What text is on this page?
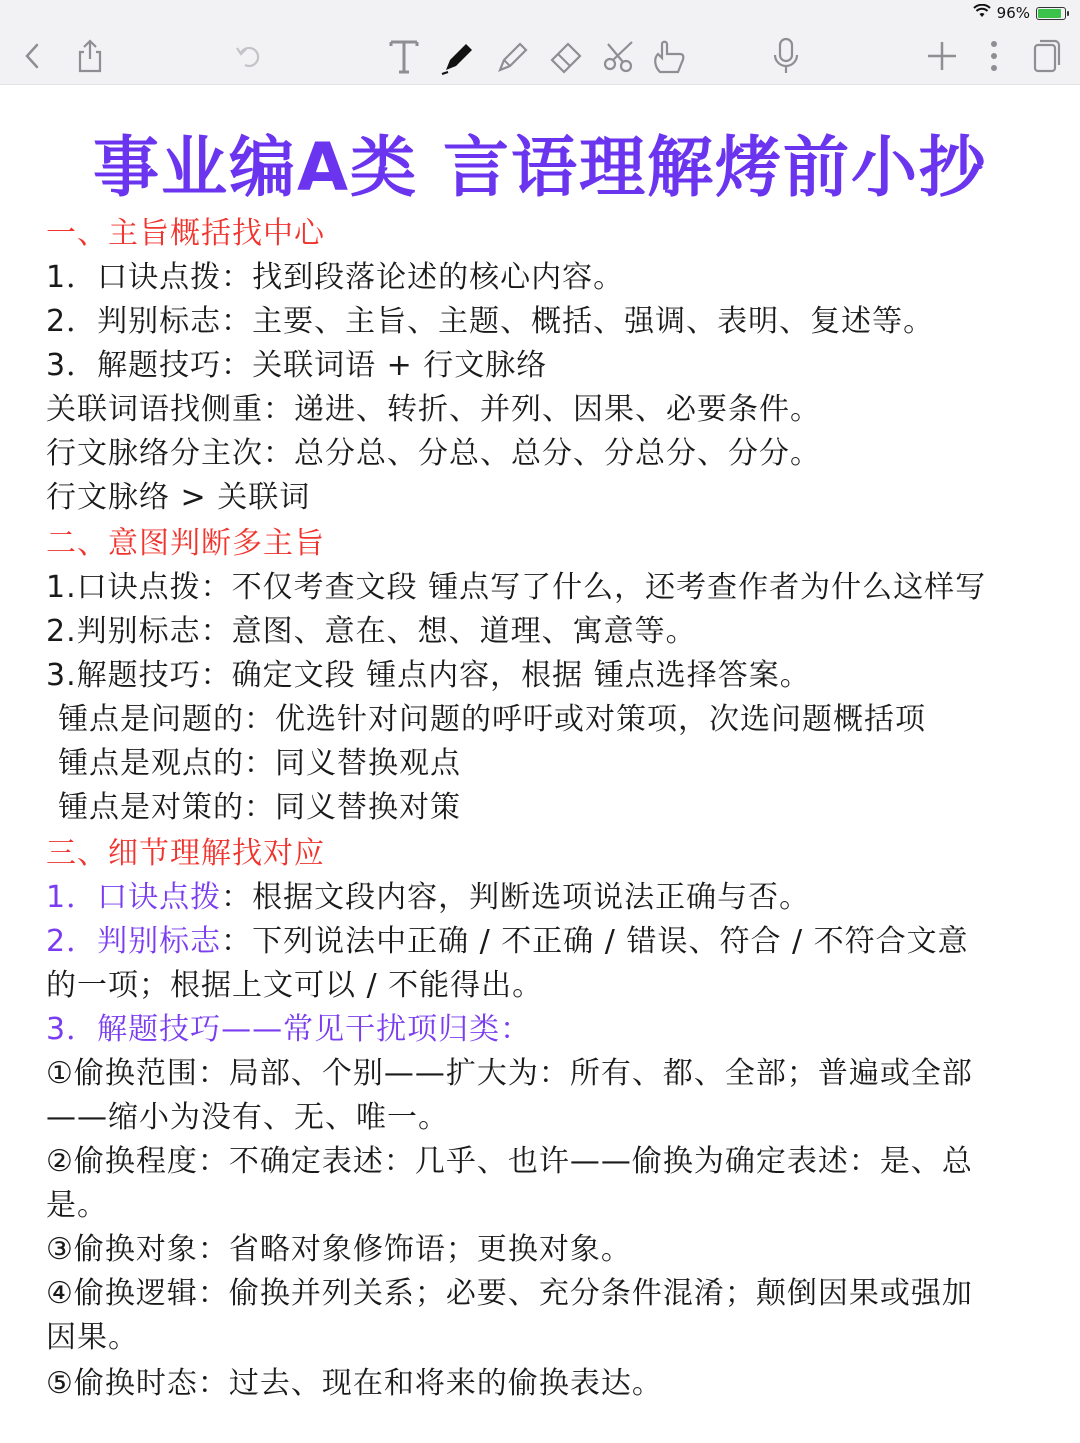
96%
事业编A类 言语理解烤前小抄
一、主旨概括找中心
1．口诀点拨：找到段落论述的核心内容。
2．判别标志：主要、主旨、主题、概括、强调、表明、复述等。
3．解题技巧：关联词语 + 行文脉络
关联词语找侧重：递进、转折、并列、因果、必要条件。
行文脉络分主次：总分总、分总、总分、分总分、分分。
行文脉络 > 关联词
二、意图判断多主旨
1.口诀点拨：不仅考查文段 锺点写了什么，还考查作者为什么这样写
2.判别标志：意图、意在、想、道理、寓意等。
3.解题技巧：确定文段 锺点内容，根据 锺点选择答案。
锺点是问题的：优选针对问题的呼吁或对策项，次选问题概括项
锺点是观点的：同义替换观点
锺点是对策的：同义替换对策
三、细节理解找对应
1．口诀点拨：根据文段内容，判断选项说法正确与否。
2．判别标志：下列说法中正确 / 不正确 / 错误、符合 / 不符合文意
的一项；根据上文可以 / 不能得出。
3．解题技巧——常见干扰项归类：
①偷换范围：局部、个别——扩大为：所有、都、全部；普遍或全部
——缩小为没有、无、唯一。
②偷换程度：不确定表述：几乎、也许——偷换为确定表述：是、总
是。
③偷换对象：省略对象修饰语；更换对象。
④偷换逻辑：偷换并列关系；必要、充分条件混淆；颠倒因果或强加
因果。
⑤偷换时态：过去、现在和将来的偷换表达。
